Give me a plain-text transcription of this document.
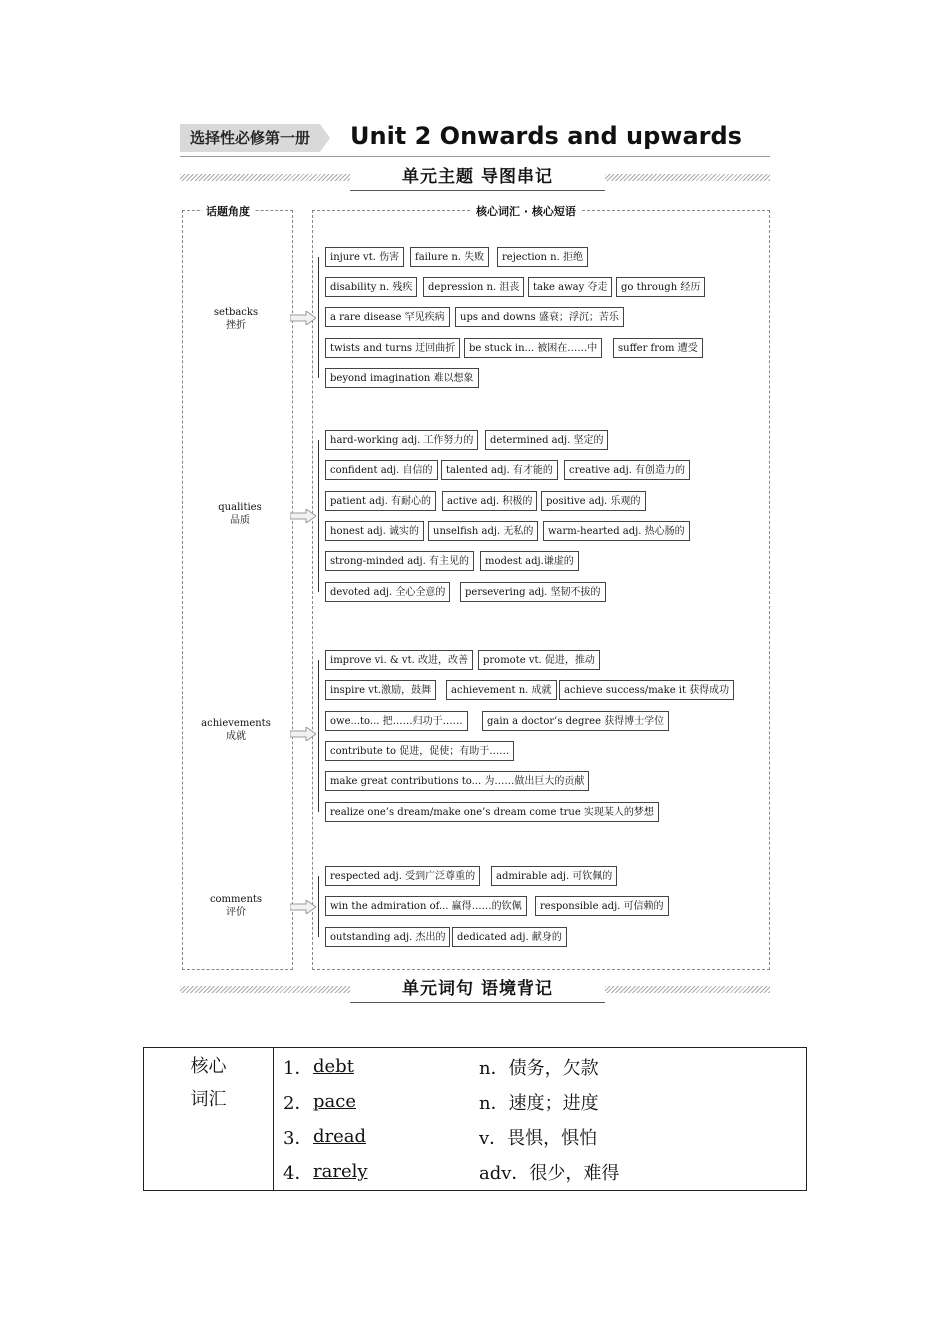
选择性必修第一册	Unit 2 Onwards and upwards
单元主题 导图串记
话题角度	核心词汇 · 核心短语
setbacks
挫折
qualities
品质
achievements
成就
comments
评价
injure vt. 伤害	failure n. 失败	rejection n. 拒绝
disability n. 残疾	depression n. 沮丧	take away 夺走	go through 经历
a rare disease 罕见疾病	ups and downs 盛衰；浮沉；苦乐
twists and turns 迂回曲折	be stuck in... 被困在……中	suffer from 遭受
beyond imagination 难以想象
hard-working adj. 工作努力的	determined adj. 坚定的
confident adj. 自信的	talented adj. 有才能的	creative adj. 有创造力的
patient adj. 有耐心的	active adj. 积极的	positive adj. 乐观的
honest adj. 诚实的	unselfish adj. 无私的	warm-hearted adj. 热心肠的
strong-minded adj. 有主见的	modest adj.谦虚的
devoted adj. 全心全意的	persevering adj. 坚韧不拔的
improve vi. & vt. 改进，改善	promote vt. 促进，推动
inspire vt.激励，鼓舞	achievement n. 成就	achieve success/make it 获得成功
owe...to... 把……归功于……	gain a doctor’s degree 获得博士学位
contribute to 促进，促使；有助于……
make great contributions to... 为……做出巨大的贡献
realize one’s dream/make one’s dream come true 实现某人的梦想
respected adj. 受到广泛尊重的	admirable adj. 可钦佩的
win the admiration of... 赢得……的钦佩	responsible adj. 可信赖的
outstanding adj. 杰出的	dedicated adj. 献身的
单元词句 语境背记
核心
词汇

1． debt	n．债务，欠款
2． pace	n．速度；进度
3． dread	v．畏惧，惧怕
4． rarely	adv．很少，难得
